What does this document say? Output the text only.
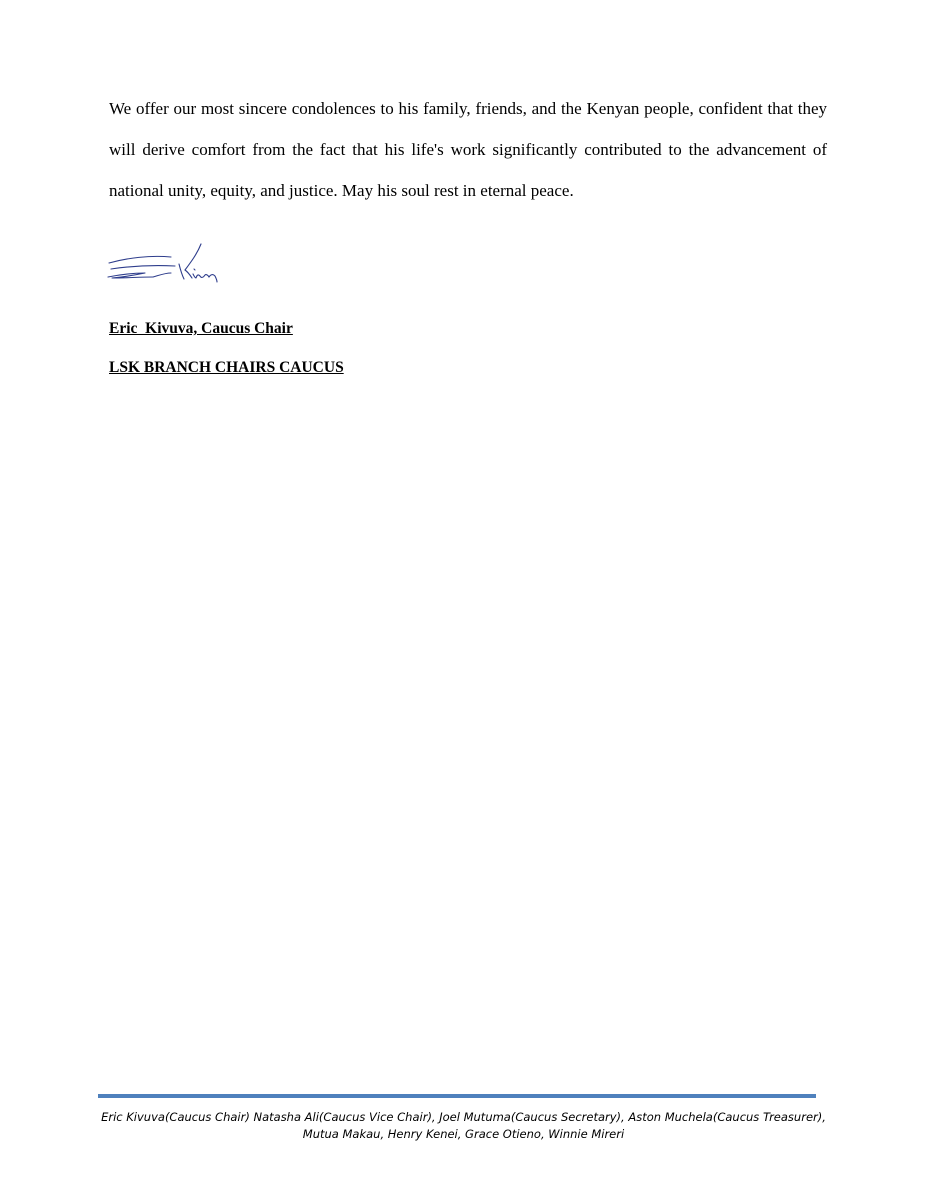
We offer our most sincere condolences to his family, friends, and the Kenyan people, confident that they will derive comfort from the fact that his life's work significantly contributed to the advancement of national unity, equity, and justice. May his soul rest in eternal peace.

Eric  Kivuva, Caucus Chair
LSK BRANCH CHAIRS CAUCUS
Eric Kivuva(Caucus Chair) Natasha Ali(Caucus Vice Chair), Joel Mutuma(Caucus Secretary), Aston Muchela(Caucus Treasurer),
Mutua Makau, Henry Kenei, Grace Otieno, Winnie Mireri
